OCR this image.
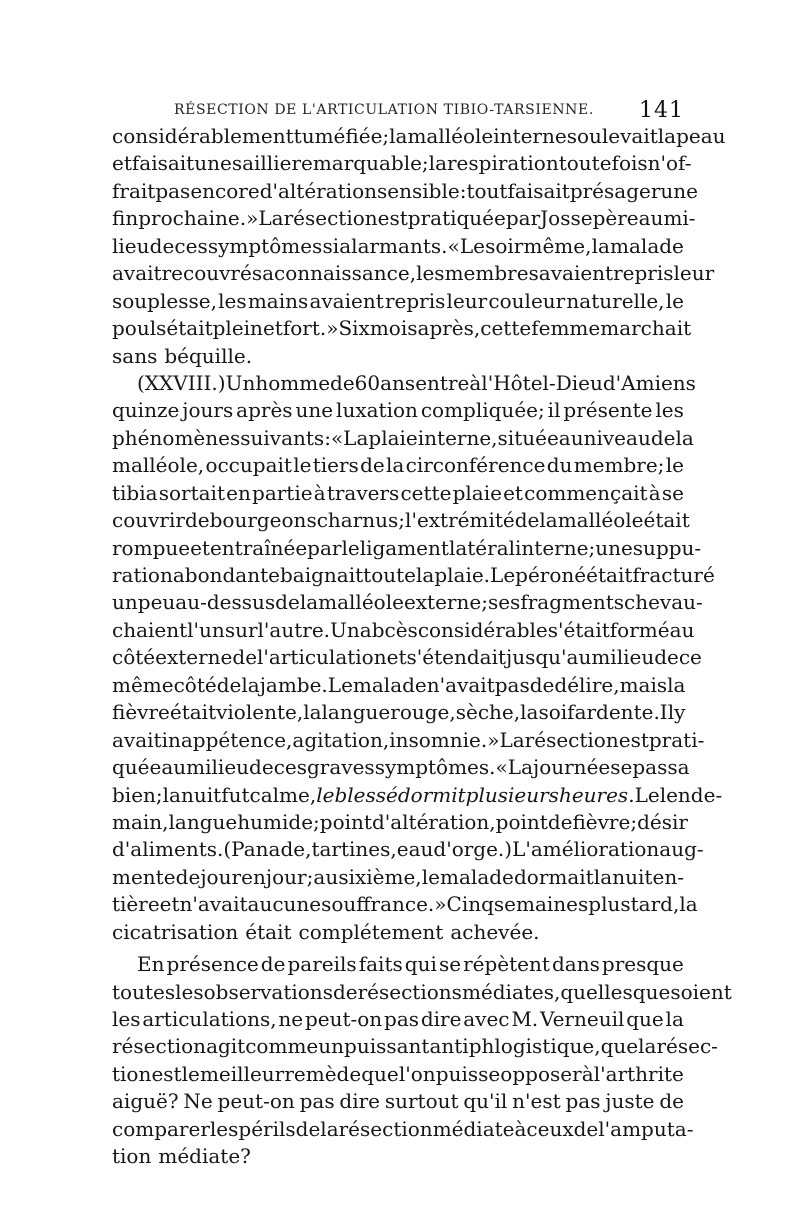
RÉSECTION DE L'ARTICULATION TIBIO-TARSIENNE. 141
considérablement tuméfiée; la malléole interne soulevait la peau
et faisait une saillie remarquable; la respiration toutefois n'of-
frait pas encore d'altération sensible : tout faisait présager une
fin prochaine.» La résection est pratiquée par Josse père au mi-
lieu de ces symptômes si alarmants. «Le soir même, la malade
avait recouvré sa connaissance, les membres avaient repris leur
souplesse, les mains avaient repris leur couleur naturelle, le
pouls était plein et fort.» Six mois après, cette femme marchait
sans béquille.
(XXVIII.) Un homme de 60 ans entre à l'Hôtel-Dieu d'Amiens
quinze jours après une luxation compliquée; il présente les
phénomènes suivants : «La plaie interne, située au niveau de la
malléole, occupait le tiers de la circonférence du membre; le
tibia sortait en partie à travers cette plaie et commençait à se
couvrir de bourgeons charnus; l'extrémité de la malléole était
rompue et entraînée par le ligament latéral interne; une suppu-
ration abondante baignait toute la plaie. Le péroné était fracturé
un peu au-dessus de la malléole externe; ses fragments chevau-
chaient l'un sur l'autre. Un abcès considérable s'était formé au
côté externe de l'articulation et s'étendait jusqu'au milieu de ce
même côté de la jambe. Le malade n'avait pas de délire, mais la
fièvre était violente, la langue rouge, sèche, la soif ardente. Il y
avait inappétence, agitation, insomnie.» La résection est prati-
quée au milieu de ces graves symptômes. « La journée se passa
bien; la nuit fut calme, le blessé dormit plusieurs heures. Le lende-
main, langue humide; point d'altération, point de fièvre; désir
d'aliments. (Panade, tartines, eau d'orge.) L'amélioration aug-
mente de jour en jour; au sixième, le malade dormait la nuit en-
tière et n'avait aucune souffrance.» Cinq semaines plus tard, la
cicatrisation était complétement achevée.
En présence de pareils faits qui se répètent dans presque
toutes les observations de résections médiates, quelles que soient
les articulations, ne peut-on pas dire avec M. Verneuil que la
résection agit comme un puissant antiphlogistique, que la résec-
tion est le meilleur remède que l'on puisse opposer à l'arthrite
aiguë? Ne peut-on pas dire surtout qu'il n'est pas juste de
comparer les périls de la résection médiate à ceux de l'amputa-
tion médiate?
